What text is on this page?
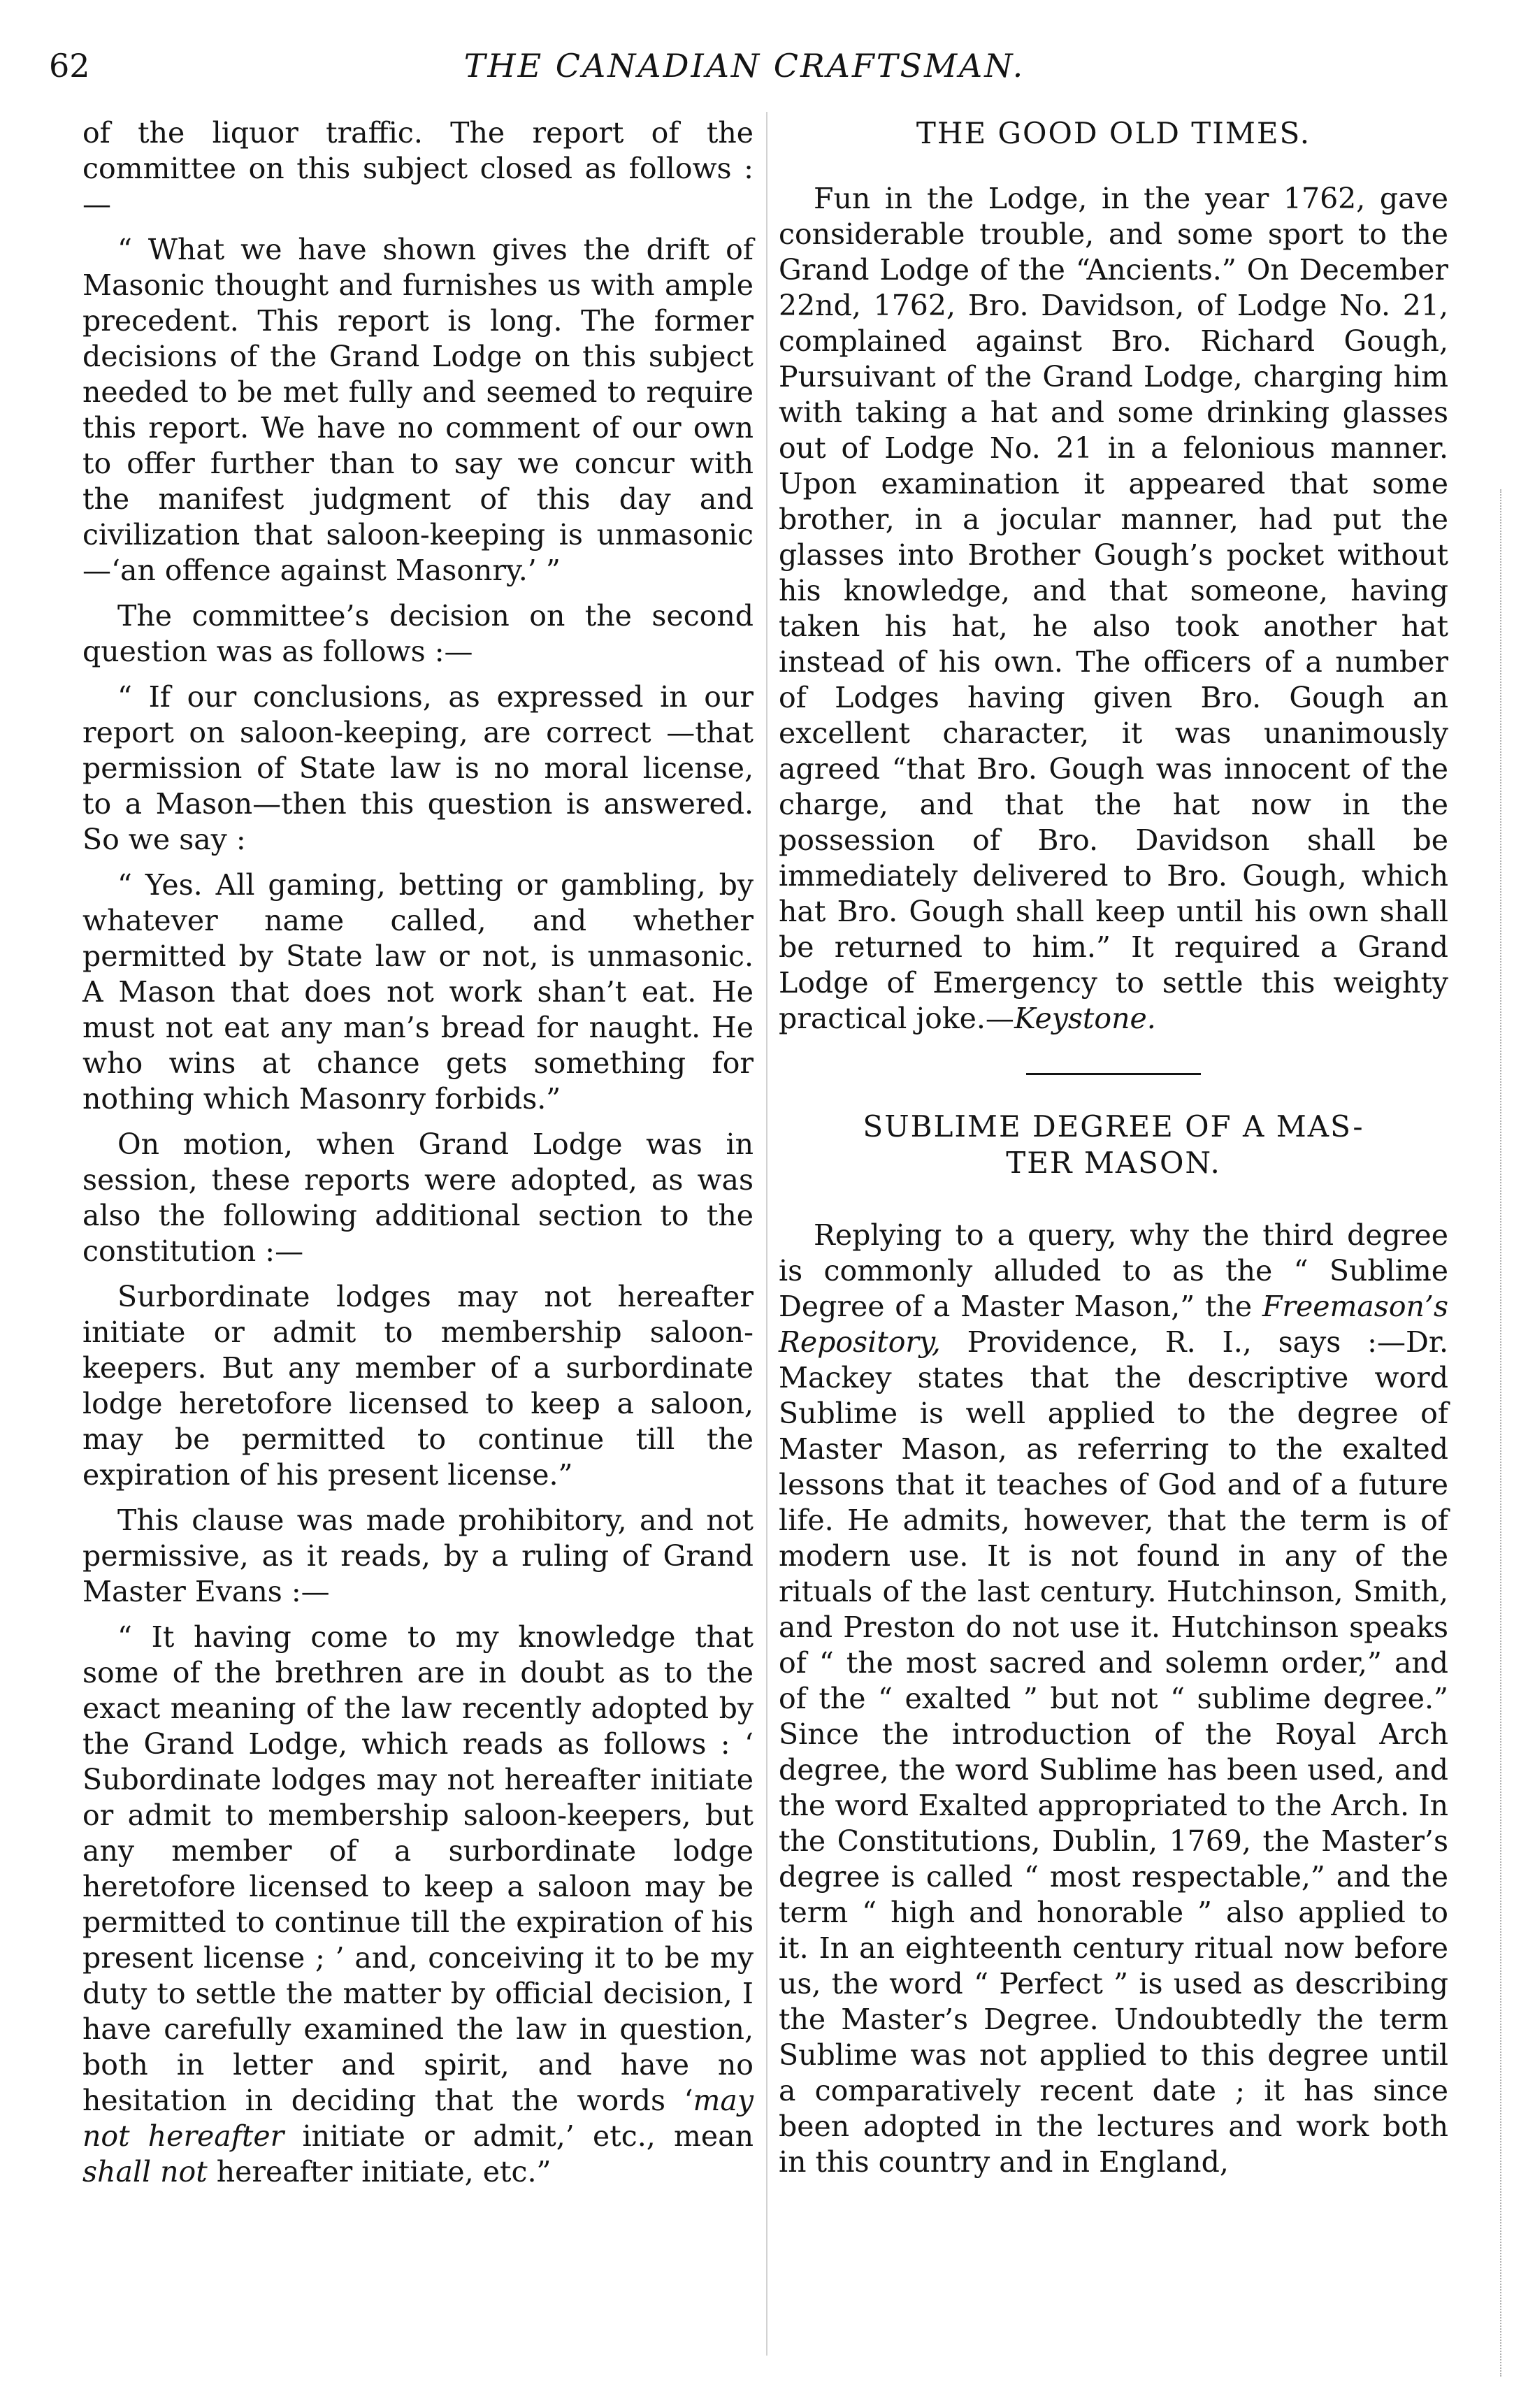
62	THE CANADIAN CRAFTSMAN.

of the liquor traffic. The report of the committee on this subject closed as follows :—

“ What we have shown gives the drift of Masonic thought and furnishes us with ample precedent. This report is long. The former decisions of the Grand Lodge on this subject needed to be met fully and seemed to require this report. We have no comment of our own to offer further than to say we concur with the manifest judgment of this day and civilization that saloon-keeping is unmasonic—‘an offence against Masonry.’ ”

The committee’s decision on the second question was as follows :—

“ If our conclusions, as expressed in our report on saloon-keeping, are correct —that permission of State law is no moral license, to a Mason—then this question is answered. So we say :

“ Yes. All gaming, betting or gambling, by whatever name called, and whether permitted by State law or not, is unmasonic. A Mason that does not work shan’t eat. He must not eat any man’s bread for naught. He who wins at chance gets something for nothing which Masonry forbids.”

On motion, when Grand Lodge was in session, these reports were adopted, as was also the following additional section to the constitution :—

Surbordinate lodges may not hereafter initiate or admit to membership saloon-keepers. But any member of a surbordinate lodge heretofore licensed to keep a saloon, may be permitted to continue till the expiration of his present license.”

This clause was made prohibitory, and not permissive, as it reads, by a ruling of Grand Master Evans :—

“ It having come to my knowledge that some of the brethren are in doubt as to the exact meaning of the law recently adopted by the Grand Lodge, which reads as follows : ‘ Subordinate lodges may not hereafter initiate or admit to membership saloon-keepers, but any member of a surbordinate lodge heretofore licensed to keep a saloon may be permitted to continue till the expiration of his present license ; ’ and, conceiving it to be my duty to settle the matter by official decision, I have carefully examined the law in question, both in letter and spirit, and have no hesitation in deciding that the words ‘may not hereafter initiate or admit,’ etc., mean shall not hereafter initiate, etc.”

THE GOOD OLD TIMES.

Fun in the Lodge, in the year 1762, gave considerable trouble, and some sport to the Grand Lodge of the “Ancients.” On December 22nd, 1762, Bro. Davidson, of Lodge No. 21, complained against Bro. Richard Gough, Pursuivant of the Grand Lodge, charging him with taking a hat and some drinking glasses out of Lodge No. 21 in a felonious manner. Upon examination it appeared that some brother, in a jocular manner, had put the glasses into Brother Gough’s pocket without his knowledge, and that someone, having taken his hat, he also took another hat instead of his own. The officers of a number of Lodges having given Bro. Gough an excellent character, it was unanimously agreed “that Bro. Gough was innocent of the charge, and that the hat now in the possession of Bro. Davidson shall be immediately delivered to Bro. Gough, which hat Bro. Gough shall keep until his own shall be returned to him.” It required a Grand Lodge of Emergency to settle this weighty practical joke.—Keystone.

SUBLIME DEGREE OF A MAS-
TER MASON.

Replying to a query, why the third degree is commonly alluded to as the “ Sublime Degree of a Master Mason,” the Freemason’s Repository, Providence, R. I., says :—Dr. Mackey states that the descriptive word Sublime is well applied to the degree of Master Mason, as referring to the exalted lessons that it teaches of God and of a future life. He admits, however, that the term is of modern use. It is not found in any of the rituals of the last century. Hutchinson, Smith, and Preston do not use it. Hutchinson speaks of “ the most sacred and solemn order,” and of the “ exalted ” but not “ sublime degree.” Since the introduction of the Royal Arch degree, the word Sublime has been used, and the word Exalted appropriated to the Arch. In the Constitutions, Dublin, 1769, the Master’s degree is called “ most respectable,” and the term “ high and honorable ” also applied to it. In an eighteenth century ritual now before us, the word “ Perfect ” is used as describing the Master’s Degree. Undoubtedly the term Sublime was not applied to this degree until a comparatively recent date ; it has since been adopted in the lectures and work both in this country and in England,
